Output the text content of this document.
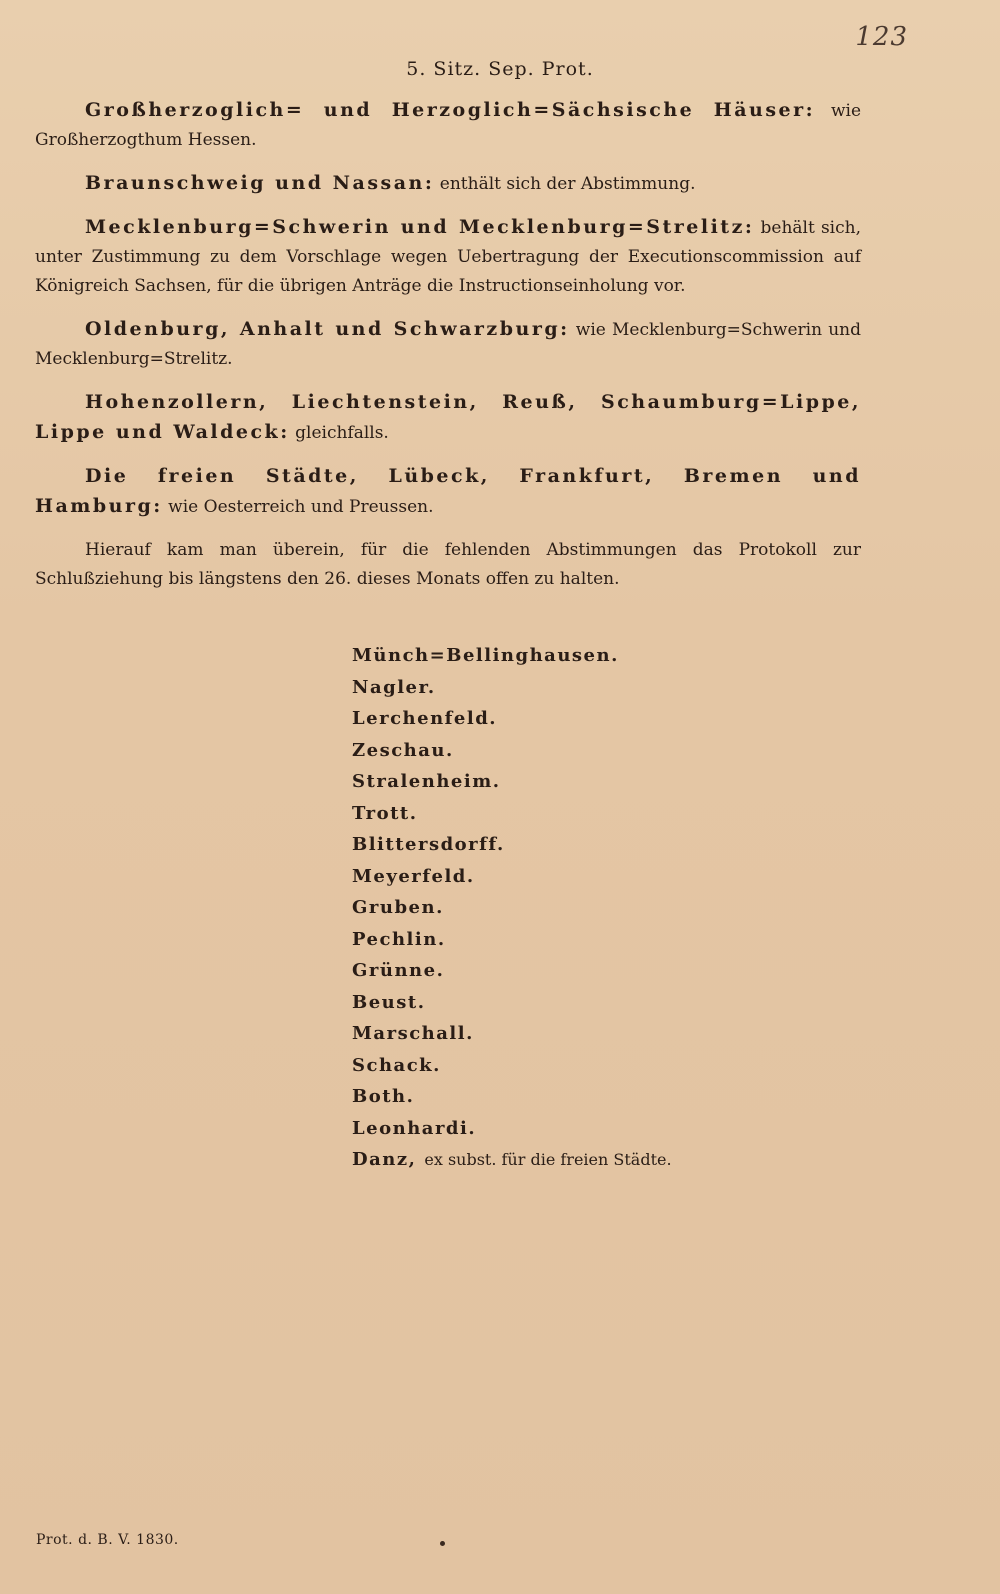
123
5. Sitz. Sep. Prot.

Großherzoglich= und Herzoglich=Sächsische Häuser: wie Großherzogthum Hessen.

Braunschweig und Nassan: enthält sich der Abstimmung.

Mecklenburg=Schwerin und Mecklenburg=Strelitz: behält sich, unter Zustimmung zu dem Vorschlage wegen Uebertragung der Executionscommission auf Königreich Sachsen, für die übrigen Anträge die Instructionseinholung vor.

Oldenburg, Anhalt und Schwarzburg: wie Mecklenburg=Schwerin und Mecklenburg=Strelitz.

Hohenzollern, Liechtenstein, Reuß, Schaumburg=Lippe, Lippe und Waldeck: gleichfalls.

Die freien Städte, Lübeck, Frankfurt, Bremen und Hamburg: wie Oesterreich und Preussen.

Hierauf kam man überein, für die fehlenden Abstimmungen das Protokoll zur Schlußziehung bis längstens den 26. dieses Monats offen zu halten.

Münch=Bellinghausen.
Nagler.
Lerchenfeld.
Zeschau.
Stralenheim.
Trott.
Blittersdorff.
Meyerfeld.
Gruben.
Pechlin.
Grünne.
Beust.
Marschall.
Schack.
Both.
Leonhardi.
Danz, ex subst. für die freien Städte.
Prot. d. B. V. 1830.
